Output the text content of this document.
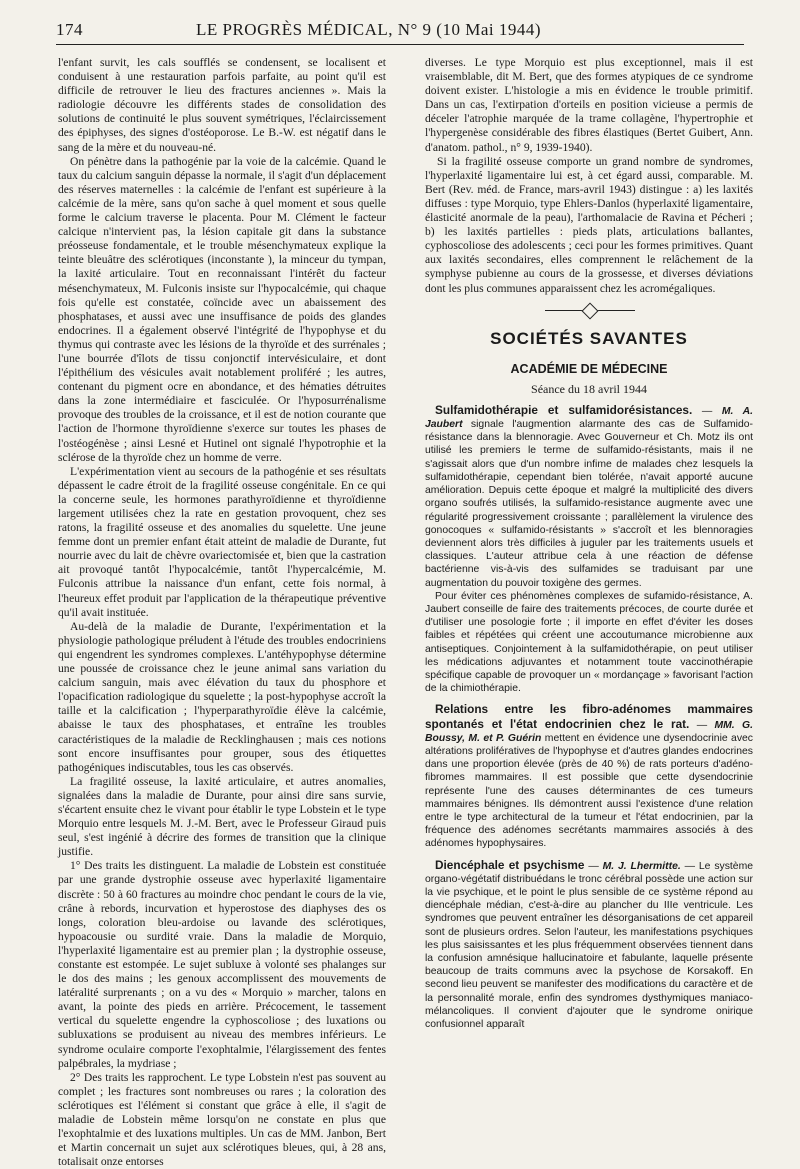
174	LE PROGRÈS MÉDICAL, N° 9 (10 Mai 1944)

l'enfant survit, les cals soufflés se condensent, se localisent et conduisent à une restauration parfois parfaite, au point qu'il est difficile de retrouver le lieu des fractures anciennes ». Mais la radiologie découvre les différents stades de consolidation des solutions de continuité le plus souvent symétriques, l'éclaircissement des épiphyses, des signes d'ostéoporose. Le B.-W. est négatif dans le sang de la mère et du nouveau-né.

On pénètre dans la pathogénie par la voie de la calcémie. Quand le taux du calcium sanguin dépasse la normale, il s'agit d'un déplacement des réserves maternelles : la calcémie de l'enfant est supérieure à la calcémie de la mère, sans qu'on sache à quel moment et sous quelle forme le calcium traverse le placenta. Pour M. Clément le facteur calcique n'intervient pas, la lésion capitale git dans la substance préosseuse fondamentale, et le trouble mésenchymateux explique la teinte bleuâtre des sclérotiques (inconstante ), la minceur du tympan, la laxité articulaire. Tout en reconnaissant l'intérêt du facteur mésenchymateux, M. Fulconis insiste sur l'hypocalcémie, qui chaque fois qu'elle est constatée, coïncide avec un abaissement des phosphatases, et aussi avec une insuffisance de poids des glandes endocrines. Il a également observé l'intégrité de l'hypophyse et du thymus qui contraste avec les lésions de la thyroïde et des surrénales ; l'une bourrée d'îlots de tissu conjonctif intervésiculaire, et dont l'épithélium des vésicules avait notablement proliféré ; les autres, contenant du pigment ocre en abondance, et des hématies détruites dans la zone intermédiaire et fasciculée. Or l'hyposurrénalisme provoque des troubles de la croissance, et il est de notion courante que l'action de l'hormone thyroïdienne s'exerce sur toutes les phases de l'ostéogénèse ; ainsi Lesné et Hutinel ont signalé l'hypotrophie et la sclérose de la thyroïde chez un homme de verre.

L'expérimentation vient au secours de la pathogénie et ses résultats dépassent le cadre étroit de la fragilité osseuse congénitale. En ce qui la concerne seule, les hormones parathyroïdienne et thyroïdienne largement utilisées chez la rate en gestation provoquent, chez ses ratons, la fragilité osseuse et des anomalies du squelette. Une jeune femme dont un premier enfant était atteint de maladie de Durante, fut nourrie avec du lait de chèvre ovariectomisée et, bien que la castration ait provoqué tantôt l'hypocalcémie, tantôt l'hypercalcémie, M. Fulconis attribue la naissance d'un enfant, cette fois normal, à l'heureux effet produit par l'application de la thérapeutique préventive qu'il avait instituée.

Au-delà de la maladie de Durante, l'expérimentation et la physiologie pathologique préludent à l'étude des troubles endocriniens qui engendrent les syndromes complexes. L'antéhypophyse détermine une poussée de croissance chez le jeune animal sans variation du calcium sanguin, mais avec élévation du taux du phosphore et l'opacification radiologique du squelette ; la post-hypophyse accroît la taille et la calcification ; l'hyperparathyroïdie élève la calcémie, abaisse le taux des phosphatases, et entraîne les troubles caractéristiques de la maladie de Recklinghausen ; mais ces notions sont encore insuffisantes pour grouper, sous des étiquettes pathogéniques indiscutables, tous les cas observés.

La fragilité osseuse, la laxité articulaire, et autres anomalies, signalées dans la maladie de Durante, pour ainsi dire sans survie, s'écartent ensuite chez le vivant pour établir le type Lobstein et le type Morquio entre lesquels M. J.-M. Bert, avec le Professeur Giraud puis seul, s'est ingénié à décrire des formes de transition que la clinique justifie.

1° Des traits les distinguent. La maladie de Lobstein est constituée par une grande dystrophie osseuse avec hyperlaxité ligamentaire discrète : 50 à 60 fractures au moindre choc pendant le cours de la vie, crâne à rebords, incurvation et hyperostose des diaphyses des os longs, coloration bleu-ardoise ou lavande des sclérotiques, hypoacousie ou surdité vraie. Dans la maladie de Morquio, l'hyperlaxité ligamentaire est au premier plan ; la dystrophie osseuse, constante est estompée. Le sujet subluxe à volonté ses phalanges sur le dos des mains ; les genoux accomplissent des mouvements de latéralité surprenants ; on a vu des « Morquio » marcher, talons en avant, la pointe des pieds en arrière. Précocement, le tassement vertical du squelette engendre la cyphoscoliose ; des luxations ou subluxations se produisent au niveau des membres inférieurs. Le syndrome oculaire comporte l'exophtalmie, l'élargissement des fentes palpébrales, la mydriase ;

2° Des traits les rapprochent. Le type Lobstein n'est pas souvent au complet ; les fractures sont nombreuses ou rares ; la coloration des sclérotiques est l'élément si constant que grâce à elle, il s'agit de maladie de Lobstein même lorsqu'on ne constate en plus que l'exophtalmie et des luxations multiples. Un cas de MM. Janbon, Bert et Martin concernait un sujet aux sclérotiques bleues, qui, à 28 ans, totalisait onze entorses

diverses. Le type Morquio est plus exceptionnel, mais il est vraisemblable, dit M. Bert, que des formes atypiques de ce syndrome doivent exister. L'histologie a mis en évidence le trouble primitif. Dans un cas, l'extirpation d'orteils en position vicieuse a permis de déceler l'atrophie marquée de la trame collagène, l'hypertrophie et l'hypergenèse considérable des fibres élastiques (Bertet Guibert, Ann. d'anatom. pathol., n° 9, 1939-1940).

Si la fragilité osseuse comporte un grand nombre de syndromes, l'hyperlaxité ligamentaire lui est, à cet égard aussi, comparable. M. Bert (Rev. méd. de France, mars-avril 1943) distingue : a) les laxités diffuses : type Morquio, type Ehlers-Danlos (hyperlaxité ligamentaire, élasticité anormale de la peau), l'arthomalacie de Ravina et Pécheri ; b) les laxités partielles : pieds plats, articulations ballantes, cyphoscoliose des adolescents ; ceci pour les formes primitives. Quant aux laxités secondaires, elles comprennent le relâchement de la symphyse pubienne au cours de la grossesse, et diverses déviations dont les plus communes apparaissent chez les acromégaliques.

SOCIÉTÉS SAVANTES
ACADÉMIE DE MÉDECINE
Séance du 18 avril 1944

Sulfamidothérapie et sulfamidorésistances. — M. A. Jaubert signale l'augmention alarmante des cas de Sulfamido-résistance dans la blennoragie. Avec Gouverneur et Ch. Motz ils ont utilisé les premiers le terme de sulfamido-résistants, mais il ne s'agissait alors que d'un nombre infime de malades chez lesquels la sulfamidothérapie, cependant bien tolérée, n'avait apporté aucune amélioration. Depuis cette époque et malgré la multiplicité des divers organo soufrés utilisés, la sulfamido-resistance augmente avec une régularité progressivement croissante ; parallèlement la virulence des gonocoques « sulfamido-résistants » s'accroît et les blennoragies deviennent alors très difficiles à juguler par les traitements usuels et classiques. L'auteur attribue cela à une réaction de défense bactérienne vis-à-vis des sulfamides se traduisant par une augmentation du pouvoir toxigène des germes.

Pour éviter ces phénomènes complexes de sufamido-résistance, A. Jaubert conseille de faire des traitements précoces, de courte durée et d'utiliser une posologie forte ; il importe en effet d'éviter les doses faibles et répétées qui créent une accoutumance microbienne aux antiseptiques. Conjointement à la sulfamidothérapie, on peut utiliser les médications adjuvantes et notamment toute vaccinothérapie spécifique capable de provoquer un « mordançage » favorisant l'action de la chimiothérapie.

Relations entre les fibro-adénomes mammaires spontanés et l'état endocrinien chez le rat. — MM. G. Boussy, M. et P. Guérin mettent en évidence une dysendocrinie avec altérations prolifératives de l'hypophyse et d'autres glandes endocrines dans une proportion élevée (près de 40 %) de rats porteurs d'adéno-fibromes mammaires. Il est possible que cette dysendocrinie représente l'une des causes déterminantes de ces tumeurs mammaires bénignes. Ils démontrent aussi l'existence d'une relation entre le type architectural de la tumeur et l'état endocrinien, par la fréquence des adénomes secrétants mammaires associés à des adénomes hypophysaires.

Diencéphale et psychisme — M. J. Lhermitte. — Le système organo-végétatif distribuédans le tronc cérébral possède une action sur la vie psychique, et le point le plus sensible de ce système répond au diencéphale médian, c'est-à-dire au plancher du IIIe ventricule. Les syndromes que peuvent entraîner les désorganisations de cet appareil sont de plusieurs ordres. Selon l'auteur, les manifestations psychiques les plus saisissantes et les plus fréquemment observées tiennent dans la confusion amnésique hallucinatoire et fabulante, laquelle présente beaucoup de traits communs avec la psychose de Korsakoff. En second lieu peuvent se manifester des modifications du caractère et de la personnalité morale, enfin des syndromes dysthymiques maniaco-mélancoliques. Il convient d'ajouter que le syndrome onirique confusionnel apparaît
